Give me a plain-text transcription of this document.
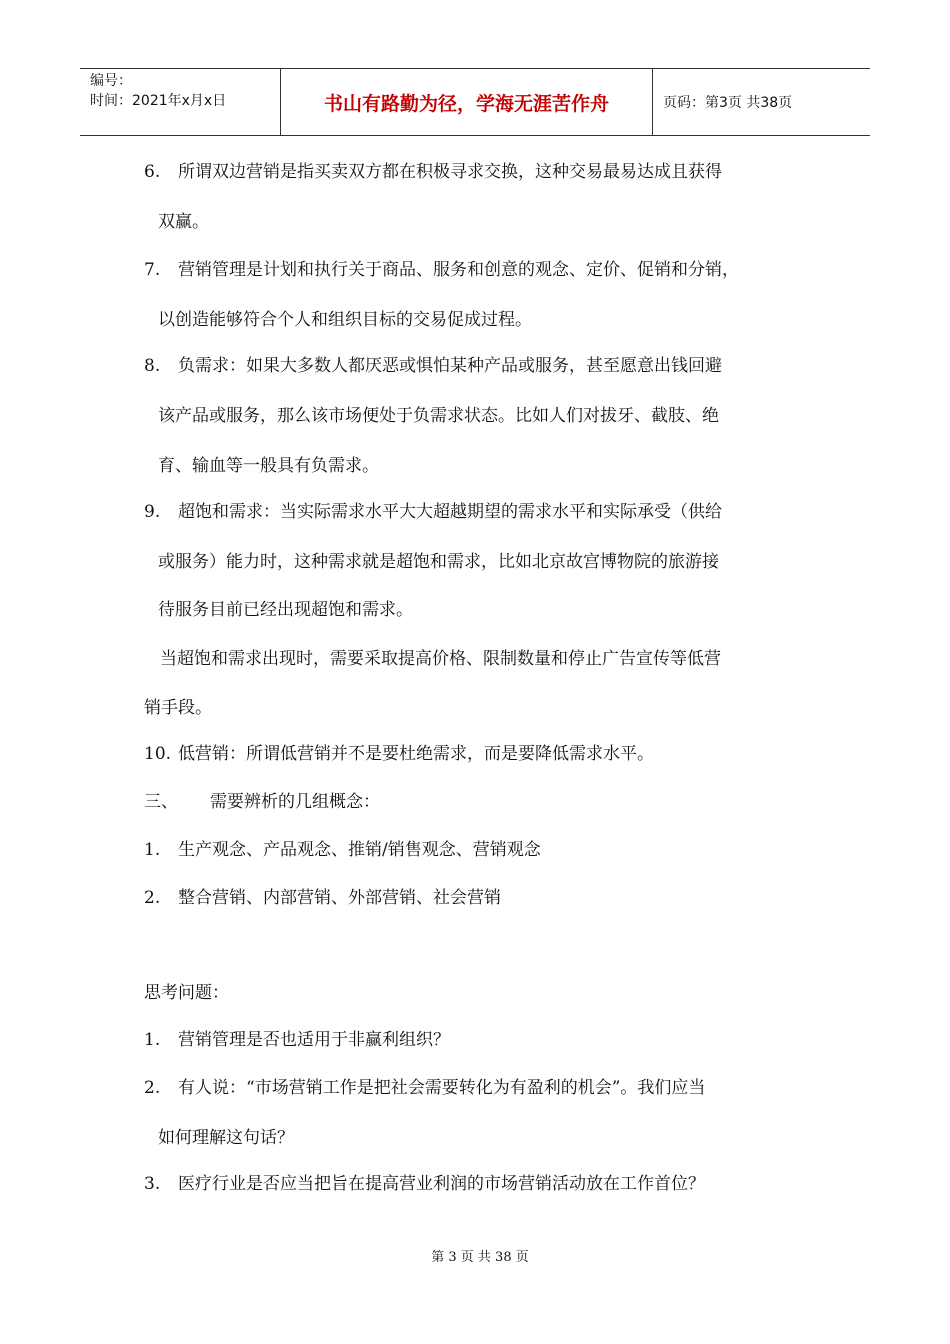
编号：
时间：2021年x月x日	书山有路勤为径，学海无涯苦作舟	页码：第3页 共38页
6. 所谓双边营销是指买卖双方都在积极寻求交换，这种交易最易达成且获得
双赢。
7. 营销管理是计划和执行关于商品、服务和创意的观念、定价、促销和分销，
以创造能够符合个人和组织目标的交易促成过程。
8. 负需求：如果大多数人都厌恶或惧怕某种产品或服务，甚至愿意出钱回避
该产品或服务，那么该市场便处于负需求状态。比如人们对拔牙、截肢、绝
育、输血等一般具有负需求。
9. 超饱和需求：当实际需求水平大大超越期望的需求水平和实际承受（供给
或服务）能力时，这种需求就是超饱和需求，比如北京故宫博物院的旅游接
待服务目前已经出现超饱和需求。
当超饱和需求出现时，需要采取提高价格、限制数量和停止广告宣传等低营
销手段。
10. 低营销：所谓低营销并不是要杜绝需求，而是要降低需求水平。
三、 需要辨析的几组概念：
1. 生产观念、产品观念、推销/销售观念、营销观念
2. 整合营销、内部营销、外部营销、社会营销
思考问题：
1. 营销管理是否也适用于非赢利组织？
2. 有人说：“市场营销工作是把社会需要转化为有盈利的机会”。我们应当
如何理解这句话？
3. 医疗行业是否应当把旨在提高营业利润的市场营销活动放在工作首位？
第 3 页 共 38 页
